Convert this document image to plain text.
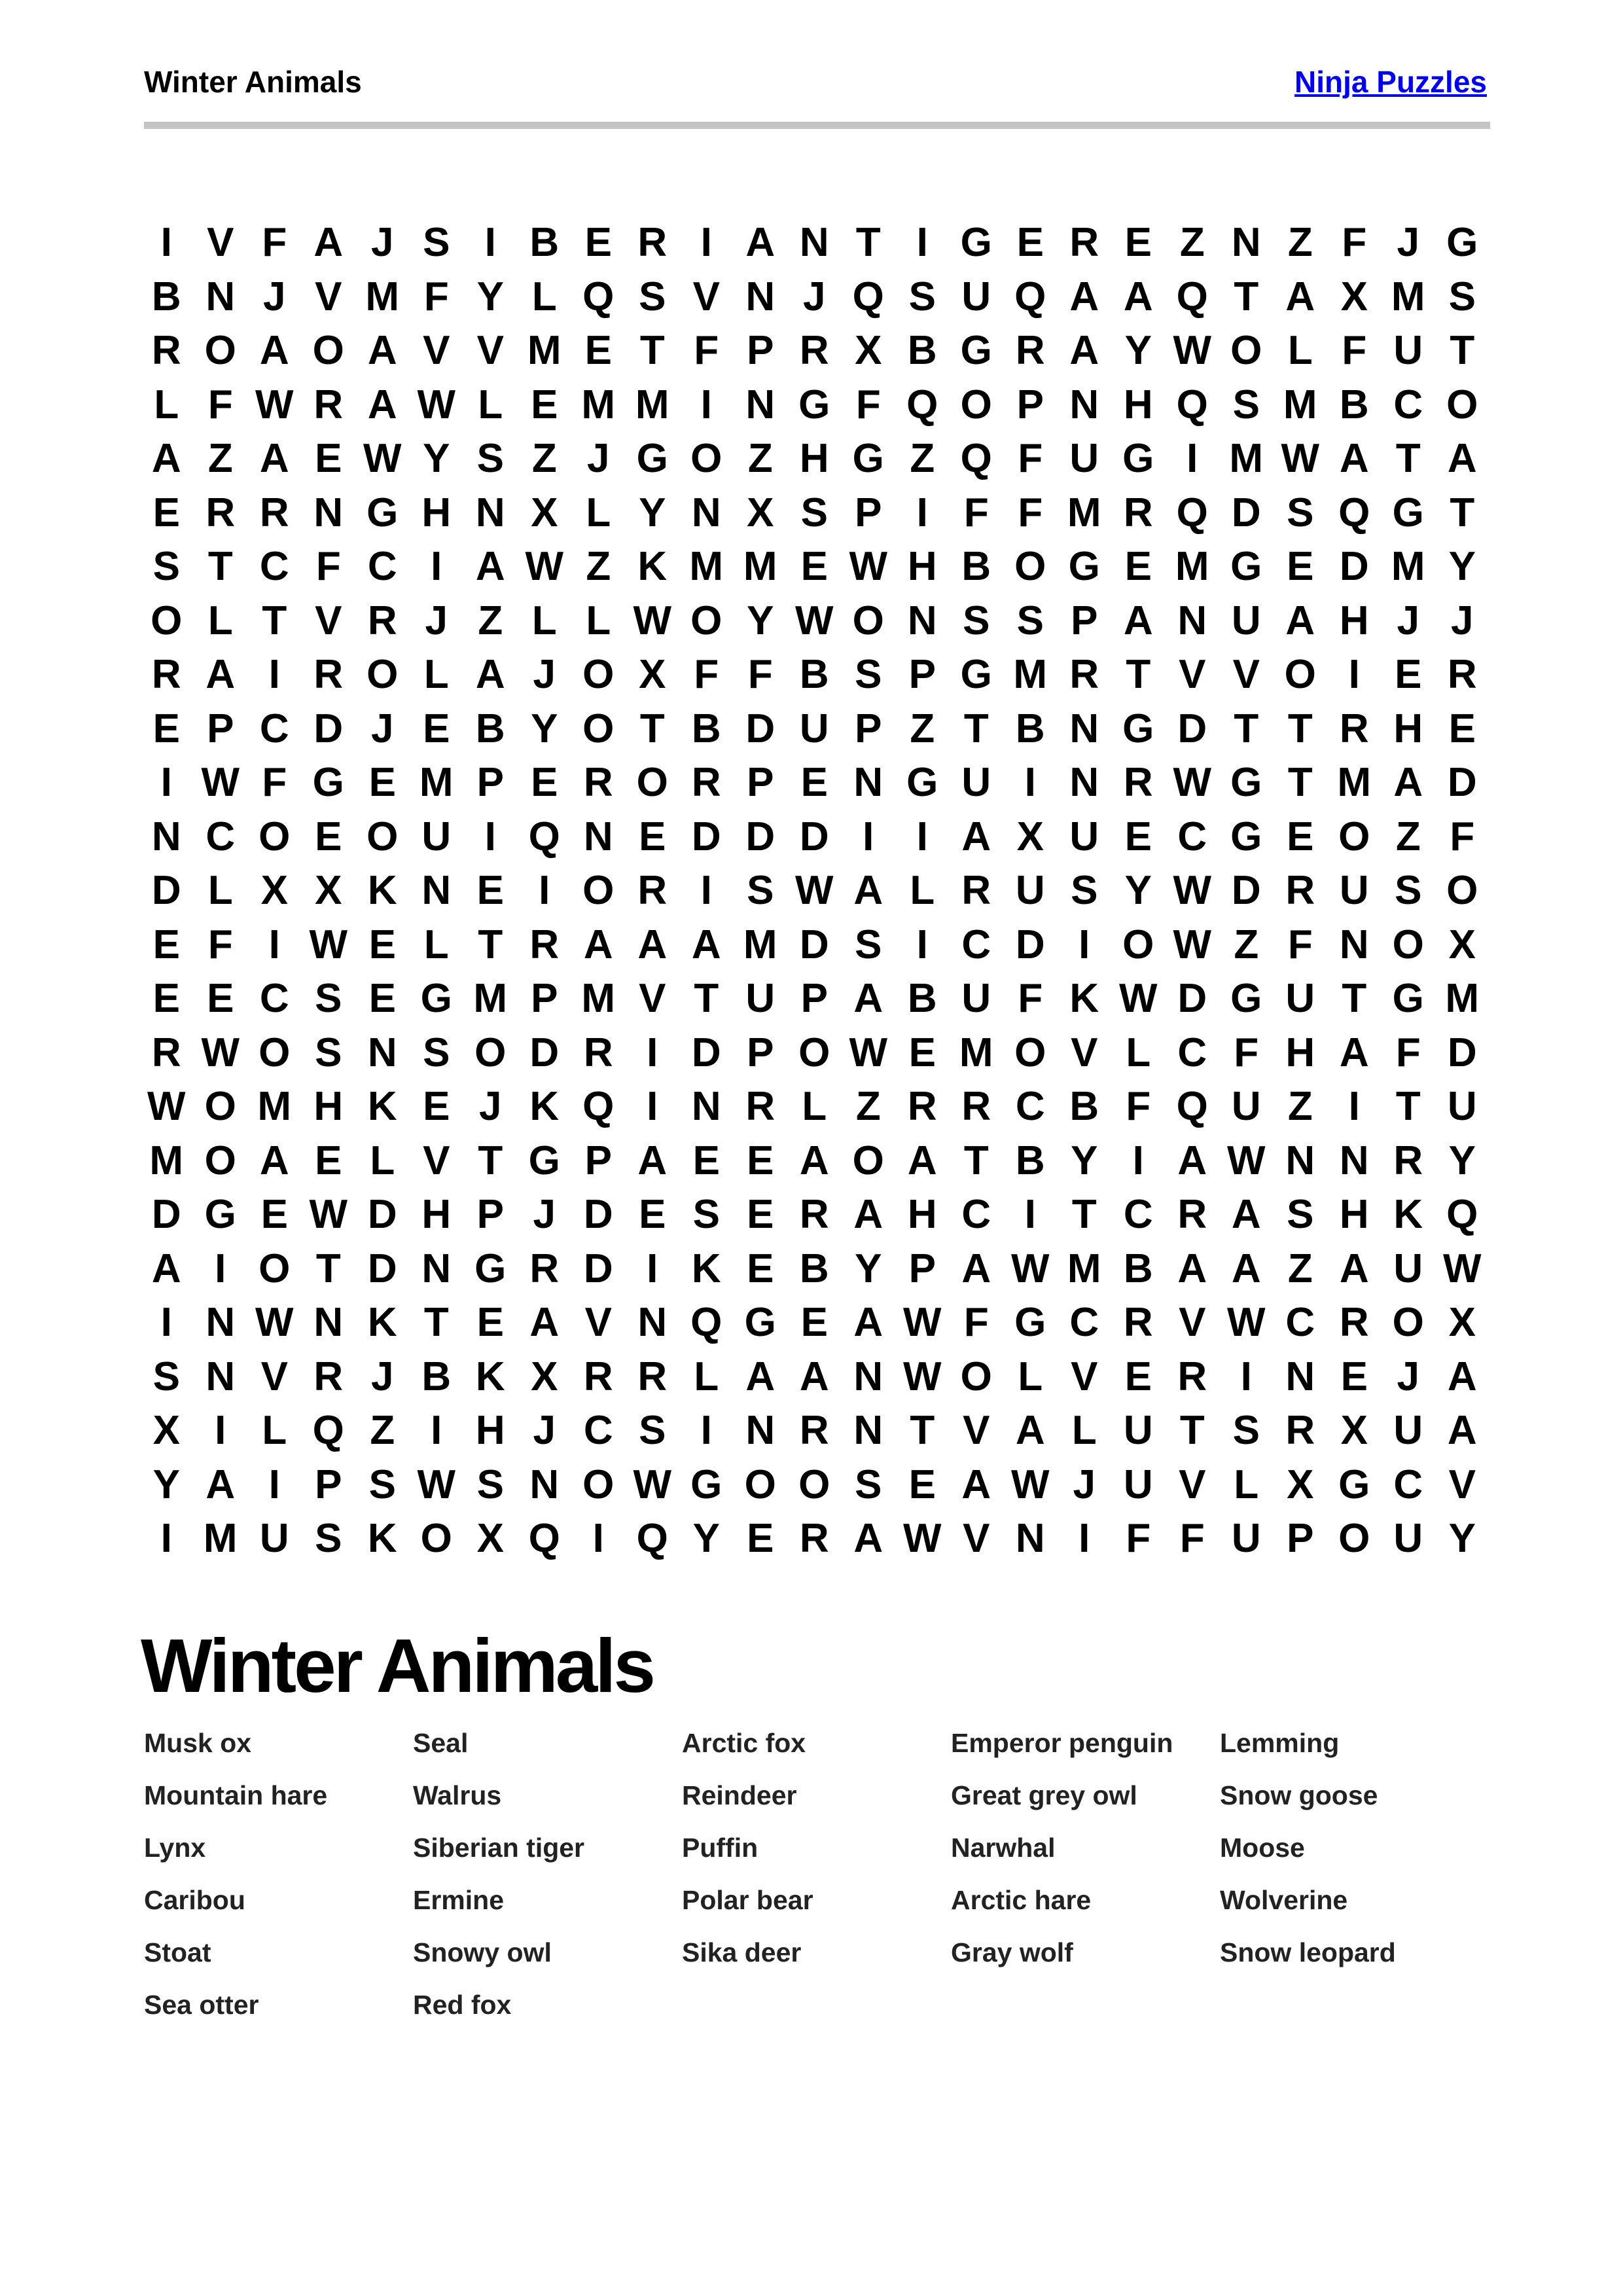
Winter Animals	Ninja Puzzles
I V F A J S I B E R I A N T I G E R E Z N Z F J G
B N J V M F Y L Q S V N J Q S U Q A A Q T A X M S
R O A O A V V M E T F P R X B G R A Y W O L F U T
L F W R A W L E M M I N G F Q O P N H Q S M B C O
A Z A E W Y S Z J G O Z H G Z Q F U G I M W A T A
E R R N G H N X L Y N X S P I F F M R Q D S Q G T
S T C F C I A W Z K M M E W H B O G E M G E D M Y
O L T V R J Z L L W O Y W O N S S P A N U A H J J
R A I R O L A J O X F F B S P G M R T V V O I E R
E P C D J E B Y O T B D U P Z T B N G D T T R H E
I W F G E M P E R O R P E N G U I N R W G T M A D
N C O E O U I Q N E D D D I	I A X U E C G E O Z F
D L X X K N E I O R I S W A L R U S Y W D R U S O
E F I W E L T R A A A M D S I C D I O W Z F N O X
E E C S E G M P M V T U P A B U F K W D G U T G M
R W O S N S O D R I D P O W E M O V L C F H A F D
W O M H K E J K Q I N R L Z R R C B F Q U Z I T U
M O A E L V T G P A E E A O A T B Y I A W N N R Y
D G E W D H P J D E S E R A H C I T C R A S H K Q
A I O T D N G R D I K E B Y P A W M B A A Z A U W
I N W N K T E A V N Q G E A W F G C R V W C R O X
S N V R J B K X R R L A A N W O L V E R I N E J A
X I L Q Z I H J C S I N R N T V A L U T S R X U A
Y A I P S W S N O W G O O S E A W J U V L X G C V
I M U S K O X Q I Q Y E R A W V N I F F U P O U Y
Winter Animals
Musk ox
Mountain hare
Lynx
Caribou
Stoat
Sea otter
Seal
Walrus
Siberian tiger
Ermine
Snowy owl
Red fox
Arctic fox
Reindeer
Puffin
Polar bear
Sika deer
Emperor penguin
Great grey owl
Narwhal
Arctic hare
Gray wolf
Lemming
Snow goose
Moose
Wolverine
Snow leopard
